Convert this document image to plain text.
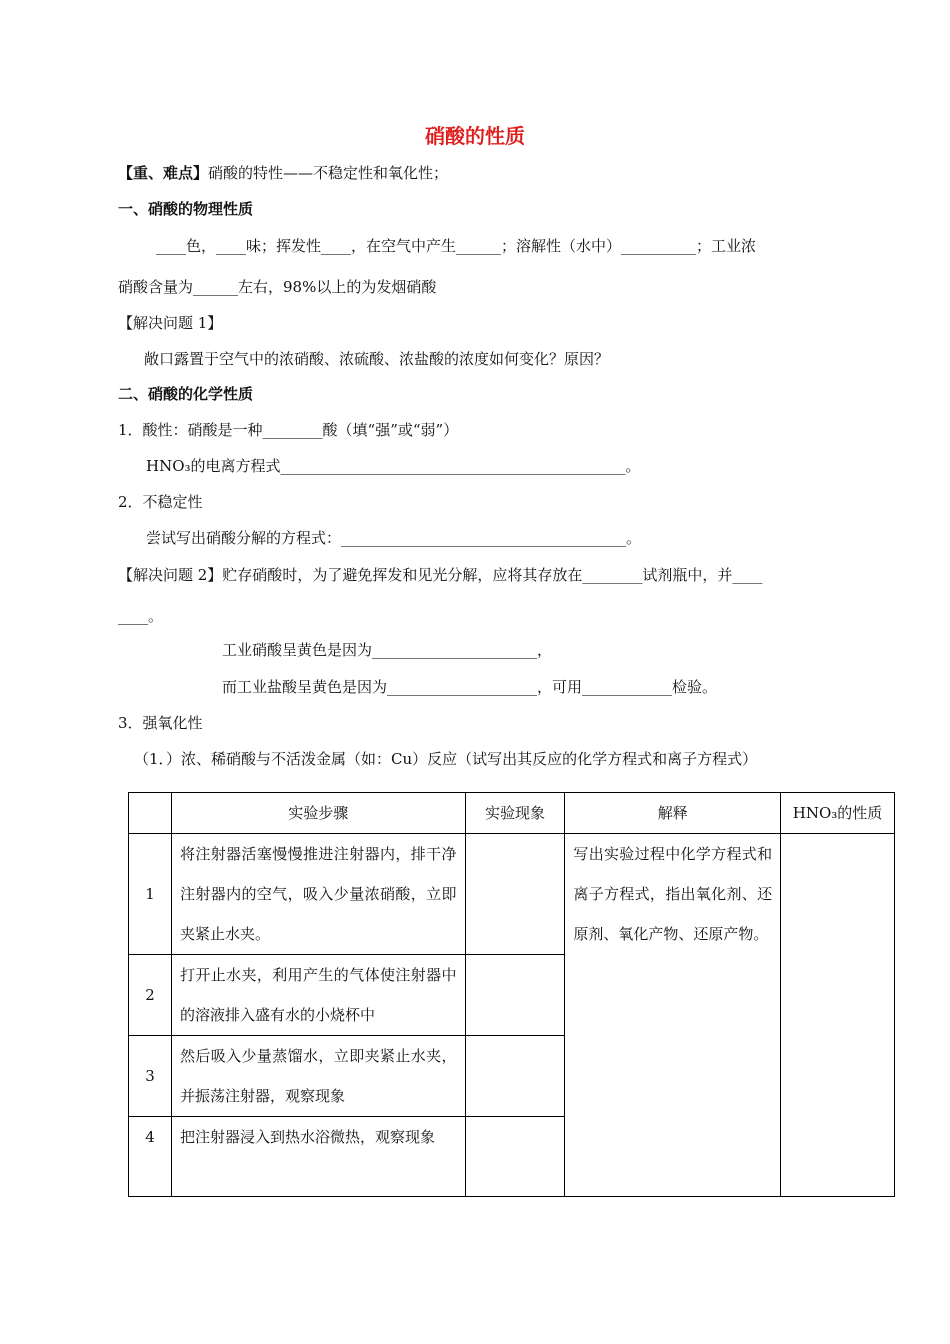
硝酸的性质
【重、难点】硝酸的特性——不稳定性和氧化性；
一、硝酸的物理性质
____色，____味；挥发性____，在空气中产生______；溶解性（水中）__________；工业浓
硝酸含量为______左右，98%以上的为发烟硝酸
【解决问题 1】
敞口露置于空气中的浓硝酸、浓硫酸、浓盐酸的浓度如何变化？原因？
二、硝酸的化学性质
1．酸性：硝酸是一种________酸（填“强”或“弱”）
HNO₃的电离方程式______________________________________________。
2．不稳定性
尝试写出硝酸分解的方程式：______________________________________。
【解决问题 2】贮存硝酸时，为了避免挥发和见光分解，应将其存放在________试剂瓶中，并____
____。
工业硝酸呈黄色是因为______________________，
而工业盐酸呈黄色是因为____________________，可用____________检验。
3．强氧化性
（1．）浓、稀硝酸与不活泼金属（如：Cu）反应（试写出其反应的化学方程式和离子方程式）
	实验步骤	实验现象	解释	HNO₃的性质
1	将注射器活塞慢慢推进注射器内，排干净注射器内的空气，吸入少量浓硝酸，立即夹紧止水夹。		写出实验过程中化学方程式和离子方程式，指出氧化剂、还原剂、氧化产物、还原产物。	
2	打开止水夹，利用产生的气体使注射器中的溶液排入盛有水的小烧杯中			
3	然后吸入少量蒸馏水，立即夹紧止水夹，并振荡注射器，观察现象			
4	把注射器浸入到热水浴微热，观察现象			
